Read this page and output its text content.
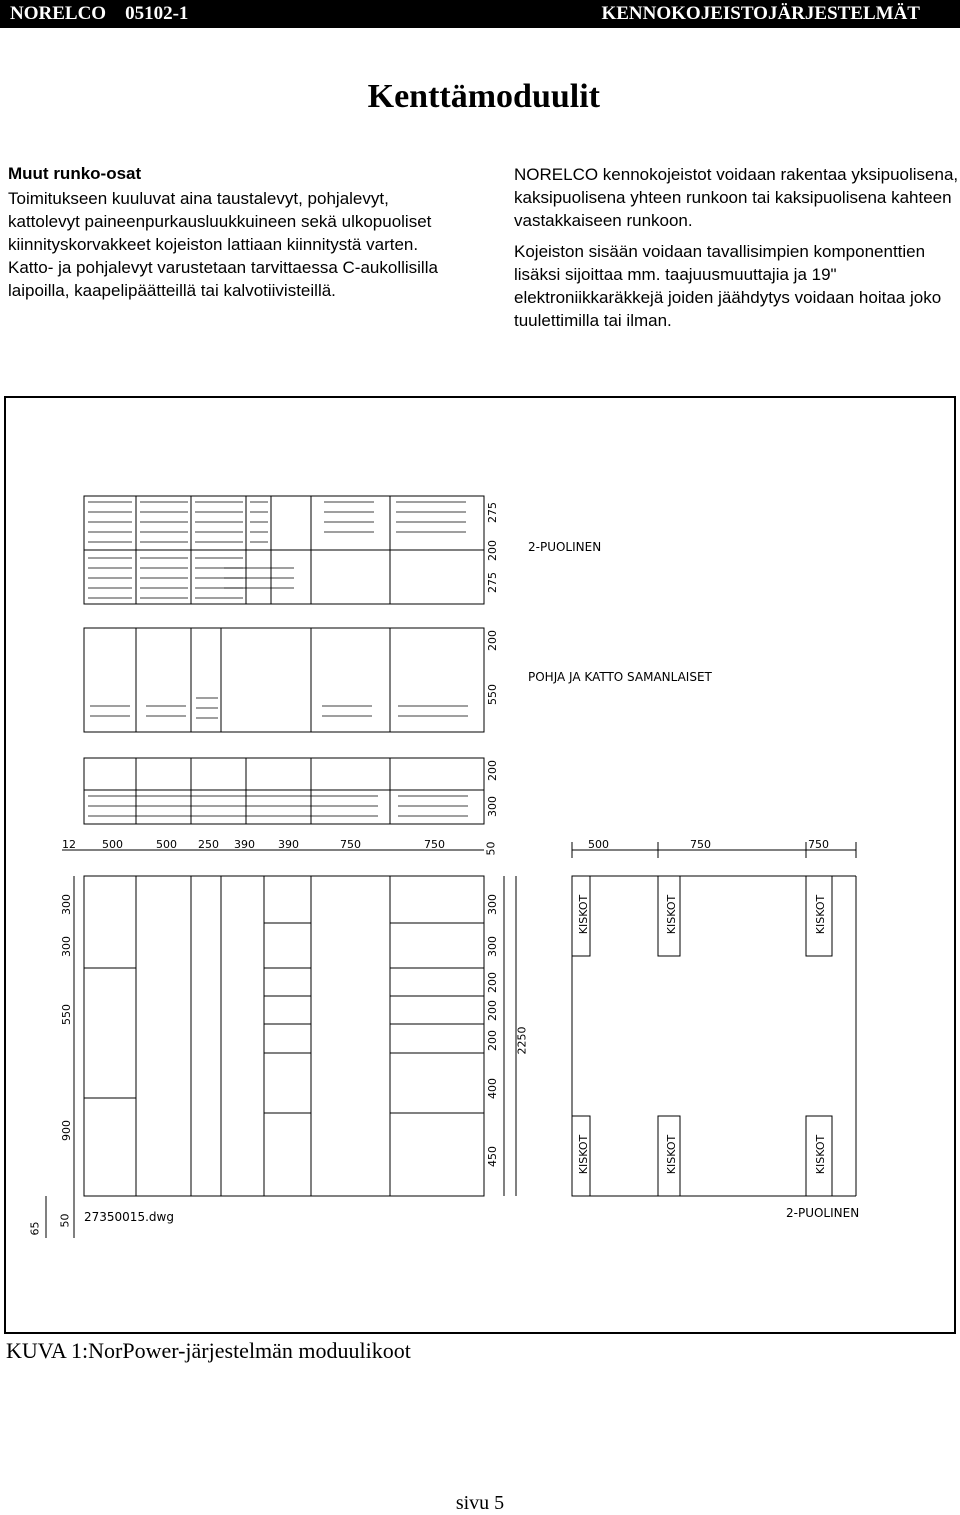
NORELCO    05102-1	KENNOKOJEISTOJÄRJESTELMÄT
Kenttämoduulit
Muut runko-osat

Toimitukseen kuuluvat aina taustalevyt, pohjalevyt, kattolevyt paineenpurkausluukkuineen sekä ulkopuoliset kiinnityskorvakkeet kojeiston lattiaan kiinnitystä varten. Katto- ja pohjalevyt varustetaan tarvittaessa C-aukollisilla laipoilla, kaapelipäätteillä tai kalvotiivisteillä.

NORELCO kennokojeistot voidaan rakentaa yksipuolisena, kaksipuolisena yhteen runkoon tai kaksipuolisena kahteen vastakkaiseen runkoon.

Kojeiston sisään voidaan tavallisimpien komponenttien lisäksi sijoittaa mm. taajuusmuuttajia ja 19" elektroniikkaräkkejä joiden jäähdytys voidaan hoitaa joko tuulettimilla tai ilman.

2-PUOLINEN
POHJA JA KATTO SAMANLAISET
2-PUOLINEN
27350015.dwg
KISKOT	KISKOT	KISKOT
KISKOT	KISKOT	KISKOT
275
200
275
200
550
200
300
12 500	500 250 390 390	750	750	500	750	750
50
300
300
550
900
65
50
300
300
200
200
200
400
450
2250
KUVA 1:NorPower-järjestelmän moduulikoot
sivu 5
